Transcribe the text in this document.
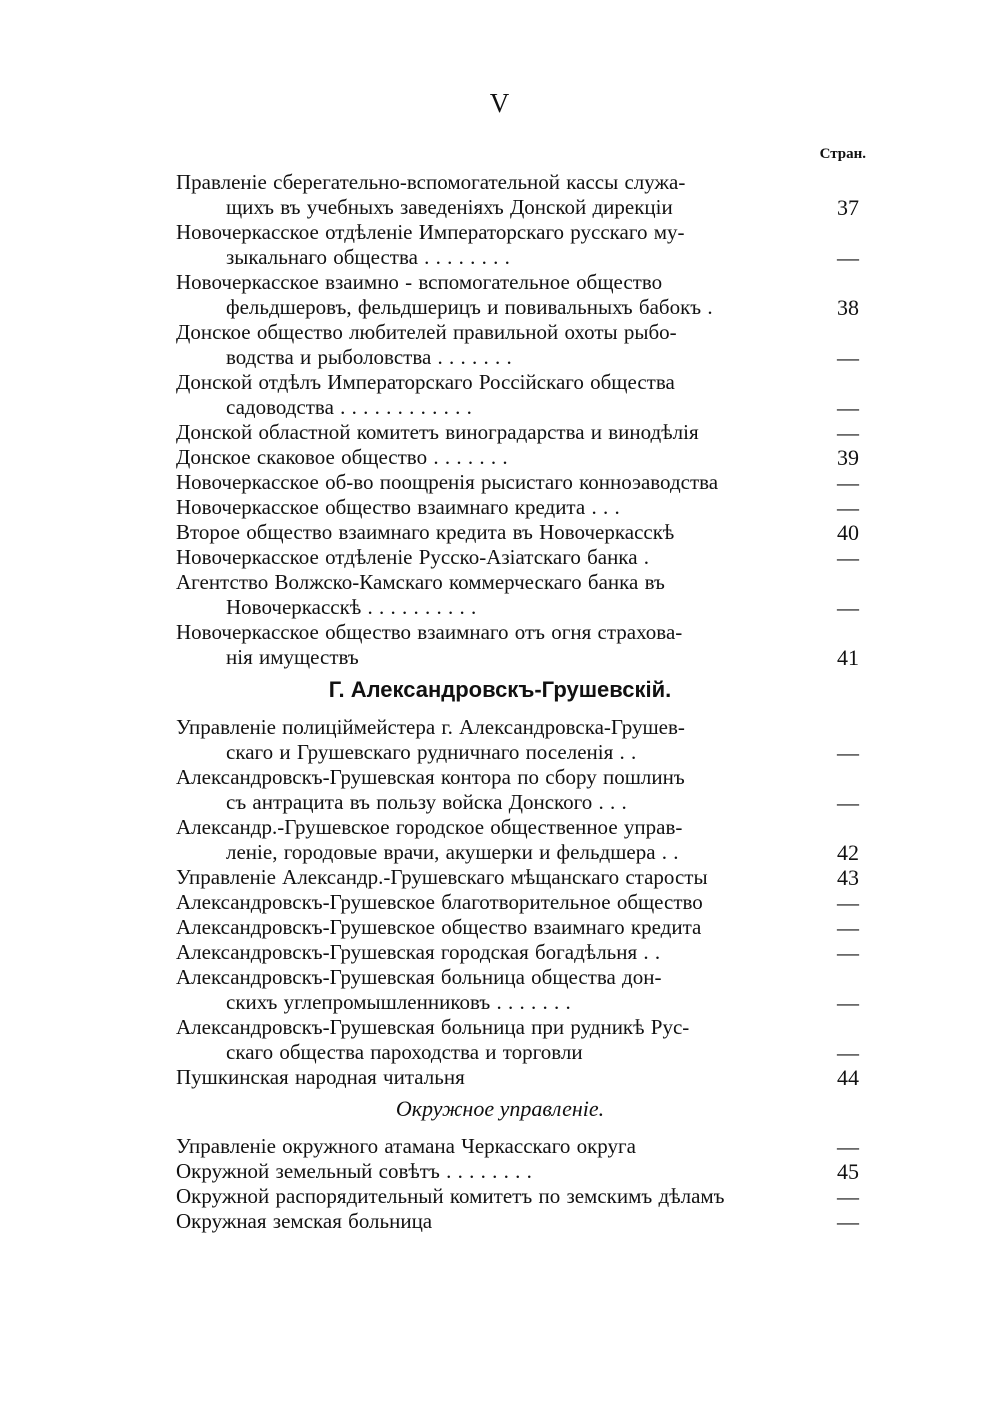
V
Стран.
Правленіе сберегательно-вспомогательной кассы служа-
щихъ въ учебныхъ заведеніяхъ Донской дирекціи	37
Новочеркасское отдѣленіе Императорскаго русскаго му-
зыкальнаго общества . . . . . . . .	—
Новочеркасское взаимно - вспомогательное общество
фельдшеровъ, фельдшерицъ и повивальныхъ бабокъ .	38
Донское общество любителей правильной охоты рыбо-
водства и рыболовства . . . . . . .	—
Донской отдѣлъ Императорскаго Россійскаго общества
садоводства . . . . . . . . . . . .	—
Донской областной комитетъ виноградарства и винодѣлія	—
Донское скаковое общество . . . . . . .	39
Новочеркасское об-во поощренія рысистаго конноэаводства	—
Новочеркасское общество взаимнаго кредита . . .	—
Второе общество взаимнаго кредита въ Новочеркасскѣ	40
Новочеркасское отдѣленіе Русско-Азіатскаго банка .	—
Агентство Волжско-Камскаго коммерческаго банка въ
Новочеркасскѣ . . . . . . . . . .	—
Новочеркасское общество взаимнаго отъ огня страхова-
нія имуществъ	41
Г. Александровскъ-Грушевскій.
Управленіе полиціймейстера г. Александровска-Грушев-
скаго и Грушевскаго рудничнаго поселенія . .	—
Александровскъ-Грушевская контора по сбору пошлинъ
съ антрацита въ пользу войска Донского . . .	—
Александр.-Грушевское городское общественное управ-
леніе, городовые врачи, акушерки и фельдшера . .	42
Управленіе Александр.-Грушевскаго мѣщанскаго старосты	43
Александровскъ-Грушевское благотворительное общество	—
Александровскъ-Грушевское общество взаимнаго кредита	—
Александровскъ-Грушевская городская богадѣльня . .	—
Александровскъ-Грушевская больница общества дон-
скихъ углепромышленниковъ . . . . . . .	—
Александровскъ-Грушевская больница при рудникѣ Рус-
скаго общества пароходства и торговли	—
Пушкинская народная читальня	44
Окружное управленіе.
Управленіе окружного атамана Черкасскаго округа	—
Окружной земельный совѣтъ . . . . . . . .	45
Окружной распорядительный комитетъ по земскимъ дѣламъ	—
Окружная земская больница	—
